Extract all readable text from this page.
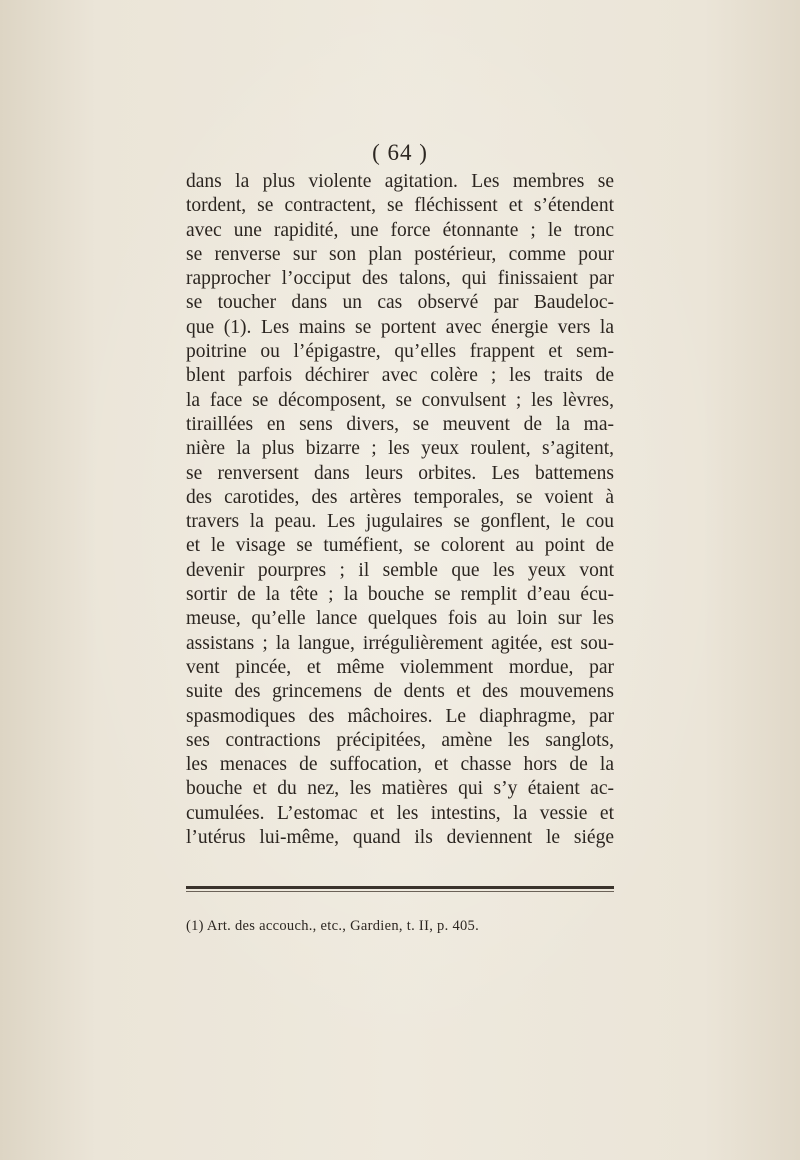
( 64 )
dans la plus violente agitation. Les membres se
tordent, se contractent, se fléchissent et s’étendent
avec une rapidité, une force étonnante ; le tronc
se renverse sur son plan postérieur, comme pour
rapprocher l’occiput des talons, qui finissaient par
se toucher dans un cas observé par Baudeloc-
que (1). Les mains se portent avec énergie vers la
poitrine ou l’épigastre, qu’elles frappent et sem-
blent parfois déchirer avec colère ; les traits de
la face se décomposent, se convulsent ; les lèvres,
tiraillées en sens divers, se meuvent de la ma-
nière la plus bizarre ; les yeux roulent, s’agitent,
se renversent dans leurs orbites. Les battemens
des carotides, des artères temporales, se voient à
travers la peau. Les jugulaires se gonflent, le cou
et le visage se tuméfient, se colorent au point de
devenir pourpres ; il semble que les yeux vont
sortir de la tête ; la bouche se remplit d’eau écu-
meuse, qu’elle lance quelques fois au loin sur les
assistans ; la langue, irrégulièrement agitée, est sou-
vent pincée, et même violemment mordue, par
suite des grincemens de dents et des mouvemens
spasmodiques des mâchoires. Le diaphragme, par
ses contractions précipitées, amène les sanglots,
les menaces de suffocation, et chasse hors de la
bouche et du nez, les matières qui s’y étaient ac-
cumulées. L’estomac et les intestins, la vessie et
l’utérus lui-même, quand ils deviennent le siége
(1) Art. des accouch., etc., Gardien, t. II, p. 405.
